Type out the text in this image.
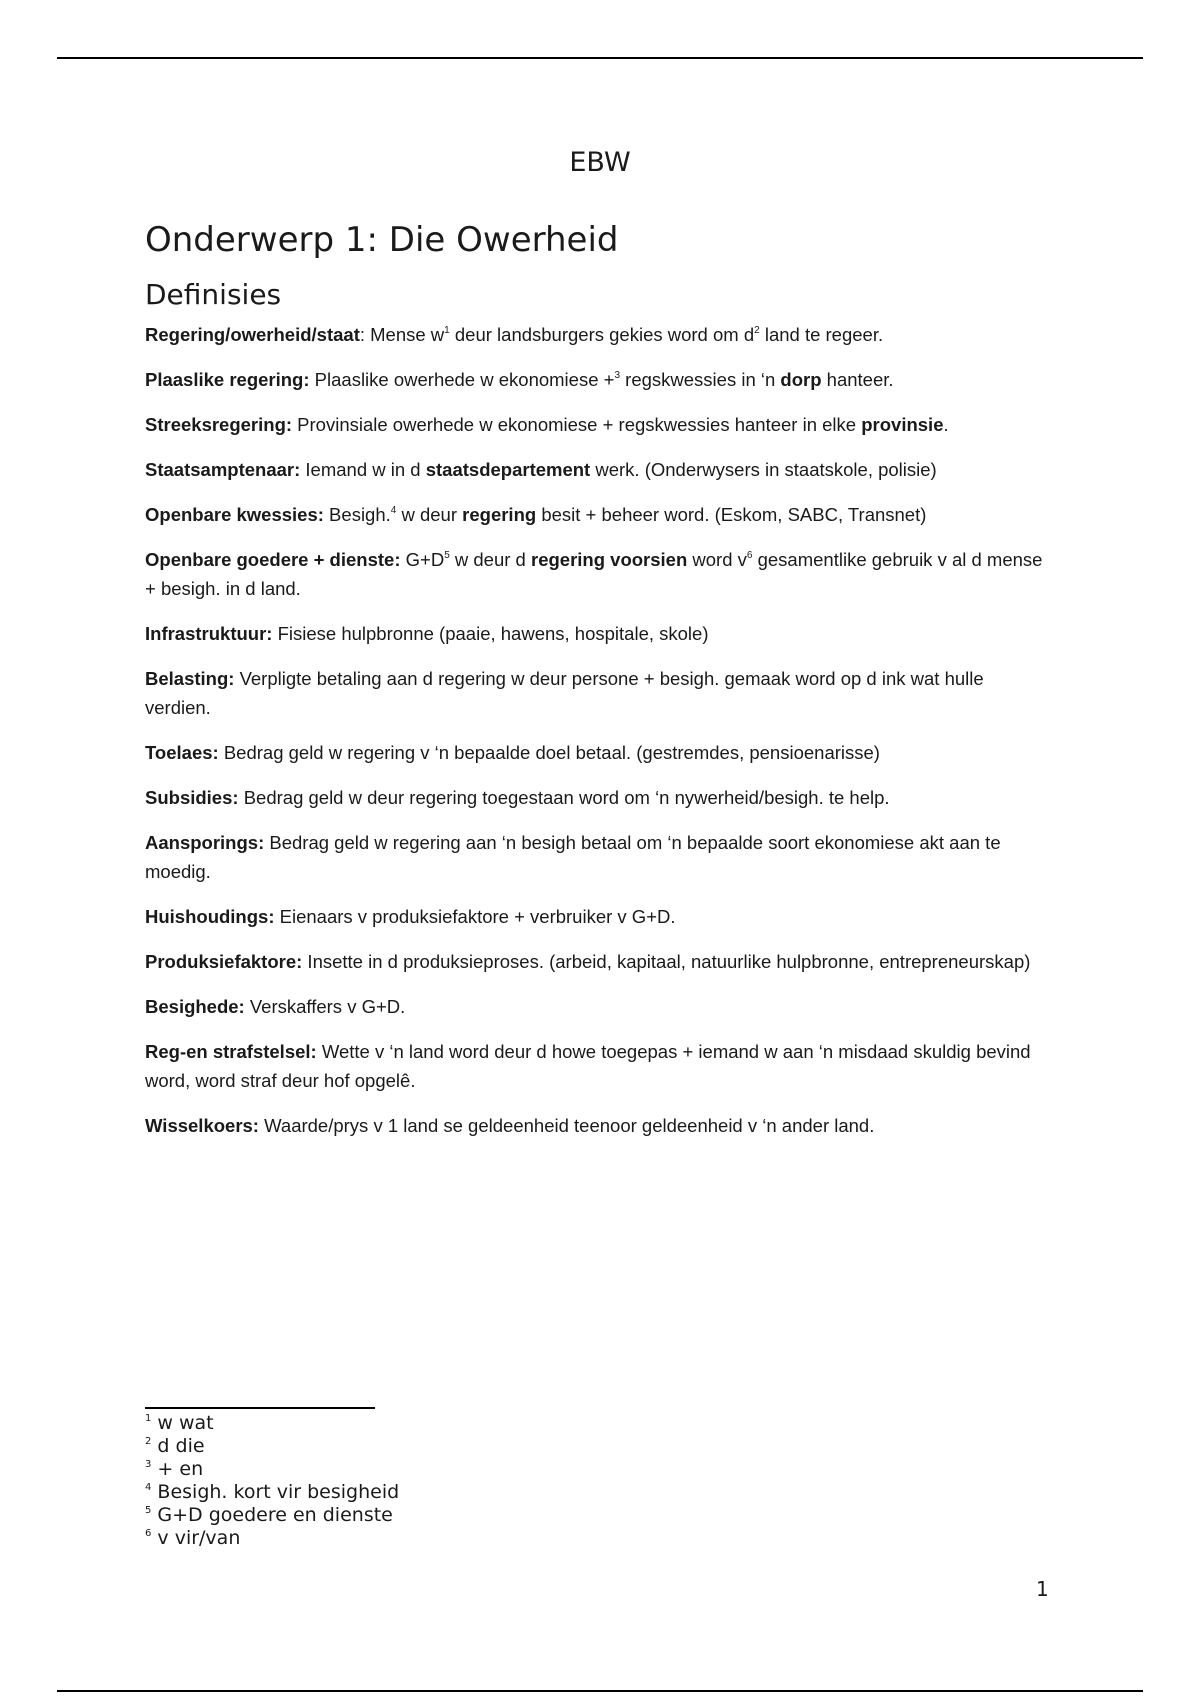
EBW
Onderwerp 1: Die Owerheid
Definisies

Regering/owerheid/staat: Mense $w^1$ deur landsburgers gekies word om $d^2$ land te regeer.

Plaaslike regering: Plaaslike owerhede w ekonomiese +$^3$ regskwessies in ‘n dorp hanteer.

Streeksregering: Provinsiale owerhede w ekonomiese + regskwessies hanteer in elke provinsie.

Staatsamptenaar: Iemand w in d staatsdepartement werk. (Onderwysers in staatskole, polisie)

Openbare kwessies: Besigh.$^4$ w deur regering besit + beheer word. (Eskom, SABC, Transnet)

Openbare goedere + dienste: $G+D^5$ w deur d regering voorsien word $v^6$ gesamentlike gebruik v al d mense + besigh. in d land.

Infrastruktuur: Fisiese hulpbronne (paaie, hawens, hospitale, skole)

Belasting: Verpligte betaling aan d regering w deur persone + besigh. gemaak word op d ink wat hulle verdien.

Toelaes: Bedrag geld w regering v ‘n bepaalde doel betaal. (gestremdes, pensioenarisse)

Subsidies: Bedrag geld w deur regering toegestaan word om ‘n nywerheid/besigh. te help.

Aansporings: Bedrag geld w regering aan ‘n besigh betaal om ‘n bepaalde soort ekonomiese akt aan te moedig.

Huishoudings: Eienaars v produksiefaktore + verbruiker v G+D.

Produksiefaktore: Insette in d produksieproses. (arbeid, kapitaal, natuurlike hulpbronne, entrepreneurskap)

Besighede: Verskaffers v G+D.

Reg-en strafstelsel: Wette v ‘n land word deur d howe toegepas + iemand w aan ‘n misdaad skuldig bevind word, word straf deur hof opgelê.

Wisselkoers: Waarde/prys v 1 land se geldeenheid teenoor geldeenheid v ‘n ander land.

$^1$ w wat
$^2$ d die
$^3$ + en
$^4$ Besigh. kort vir besigheid
$^5$ G+D goedere en dienste
$^6$ v vir/van
1
